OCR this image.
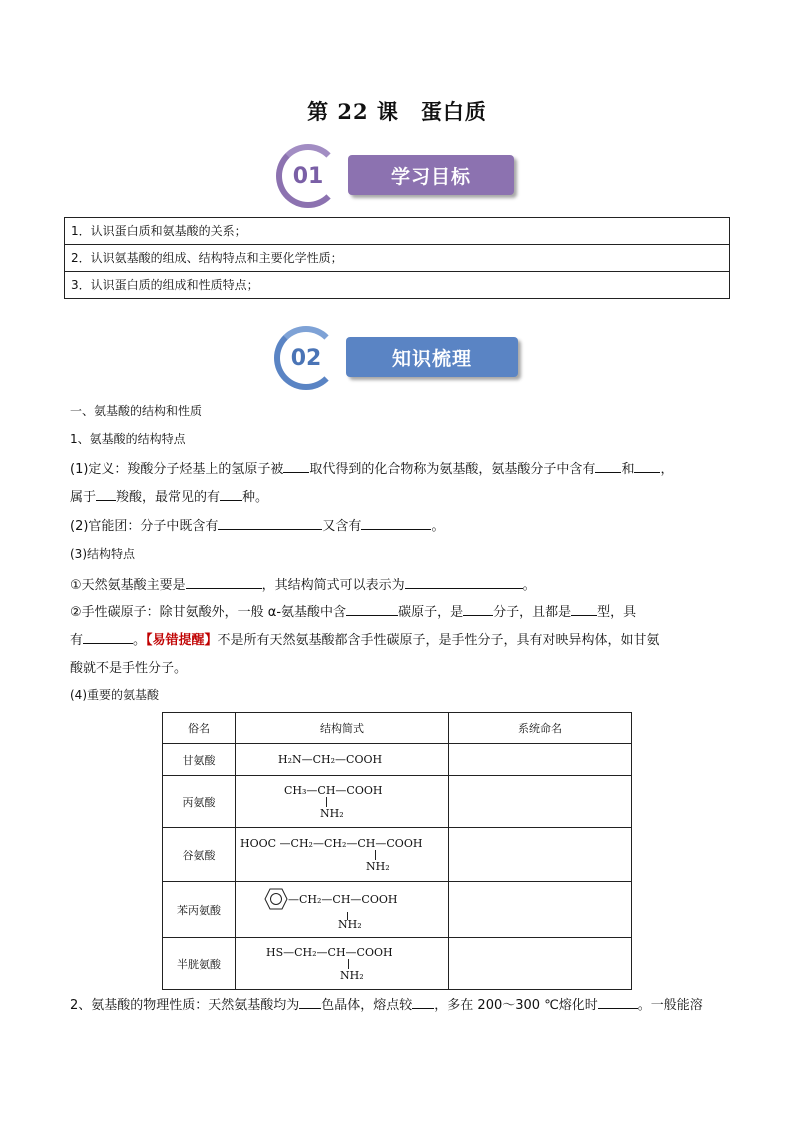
第 22 课　蛋白质
01	学习目标
1．认识蛋白质和氨基酸的关系；
2．认识氨基酸的组成、结构特点和主要化学性质；
3．认识蛋白质的组成和性质特点；
02	知识梳理
一、氨基酸的结构和性质
1、氨基酸的结构特点
(1)定义：羧酸分子烃基上的氢原子被 取代得到的化合物称为氨基酸，氨基酸分子中含有 和 ，
属于 羧酸，最常见的有 种。
(2)官能团：分子中既含有	又含有	。
(3)结构特点
①天然氨基酸主要是	，其结构简式可以表示为	。
②手性碳原子：除甘氨酸外，一般 α-氨基酸中含	碳原子，是 分子，且都是 型，具
有	。【易错提醒】不是所有天然氨基酸都含手性碳原子，是手性分子，具有对映异构体，如甘氨
酸就不是手性分子。
(4)重要的氨基酸
俗名	结构简式	系统命名
甘氨酸	H₂N—CH₂—COOH	

丙氨酸	CH₃—CH—COOH
NH₂	

谷氨酸	HOOC —CH₂—CH₂—CH—COOH
NH₂	

苯丙氨酸	—CH₂—CH—COOH
NH₂	

半胱氨酸	HS—CH₂—CH—COOH
NH₂	

2、氨基酸的物理性质：天然氨基酸均为 色晶体，熔点较 ，多在 200～300 ℃熔化时	。一般能溶
